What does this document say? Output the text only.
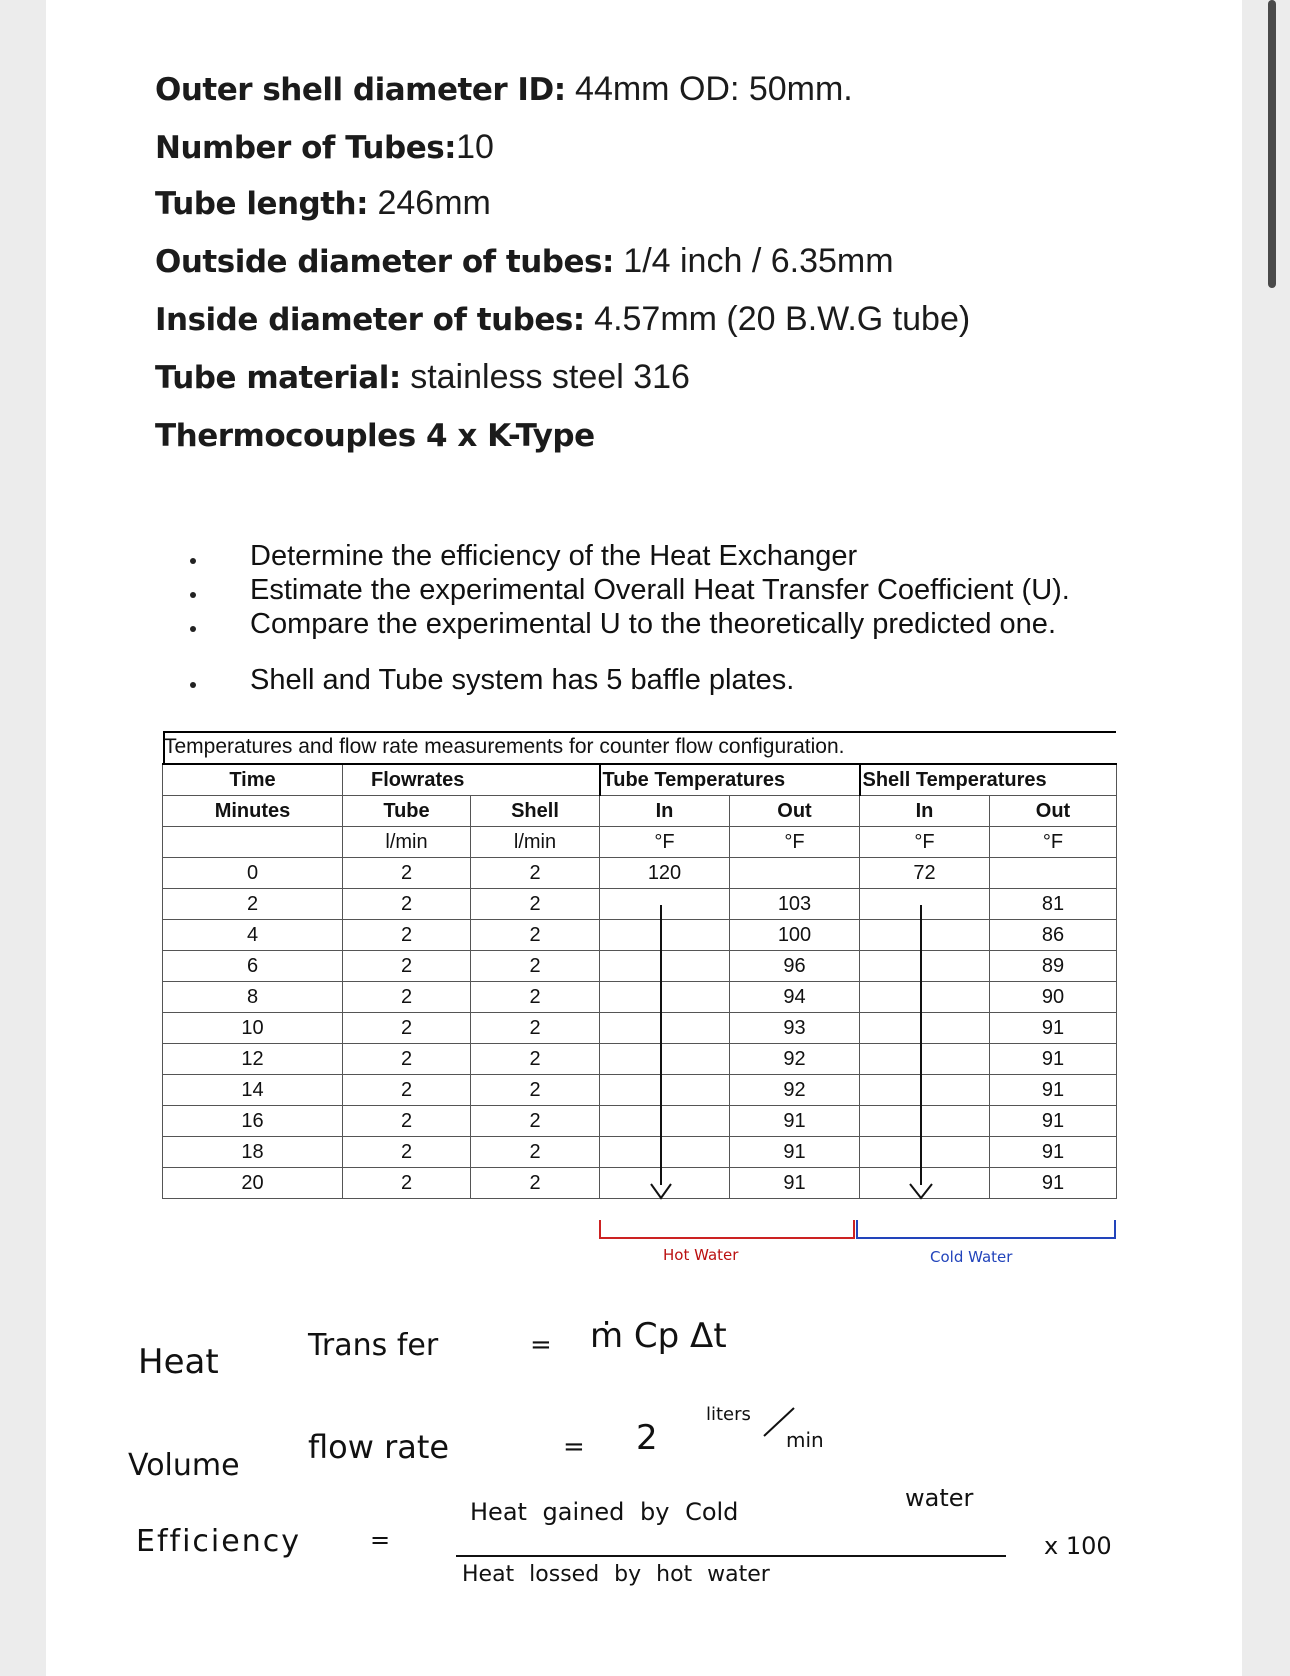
Outer shell diameter ID: 44mm OD: 50mm.
Number of Tubes:10
Tube length: 246mm
Outside diameter of tubes: 1/4 inch / 6.35mm
Inside diameter of tubes: 4.57mm (20 B.W.G tube)
Tube material: stainless steel 316
Thermocouples 4 x K-Type
Determine the efficiency of the Heat Exchanger
Estimate the experimental Overall Heat Transfer Coefficient (U).
Compare the experimental U to the theoretically predicted one.
Shell and Tube system has 5 baffle plates.
Temperatures and flow rate measurements for counter flow configuration.
Time	Flowrates		Tube Temperatures		Shell Temperatures	
Minutes	Tube	Shell	In	Out	In	Out
	l/min	l/min	°F	°F	°F	°F
0	2	2	120		72	
2	2	2		103		81
4	2	2		100		86
6	2	2		96		89
8	2	2		94		90
10	2	2		93		91
12	2	2		92		91
14	2	2		92		91
16	2	2		91		91
18	2	2		91		91
20	2	2		91		91
Hot Water	Cold Water
Heat	Trans fer	= ṁ Cp Δt
Volume flow rate	= 2
liters
min
Efficiency	=
Heat gained by Cold	water
Heat lossed by hot water
x 100
